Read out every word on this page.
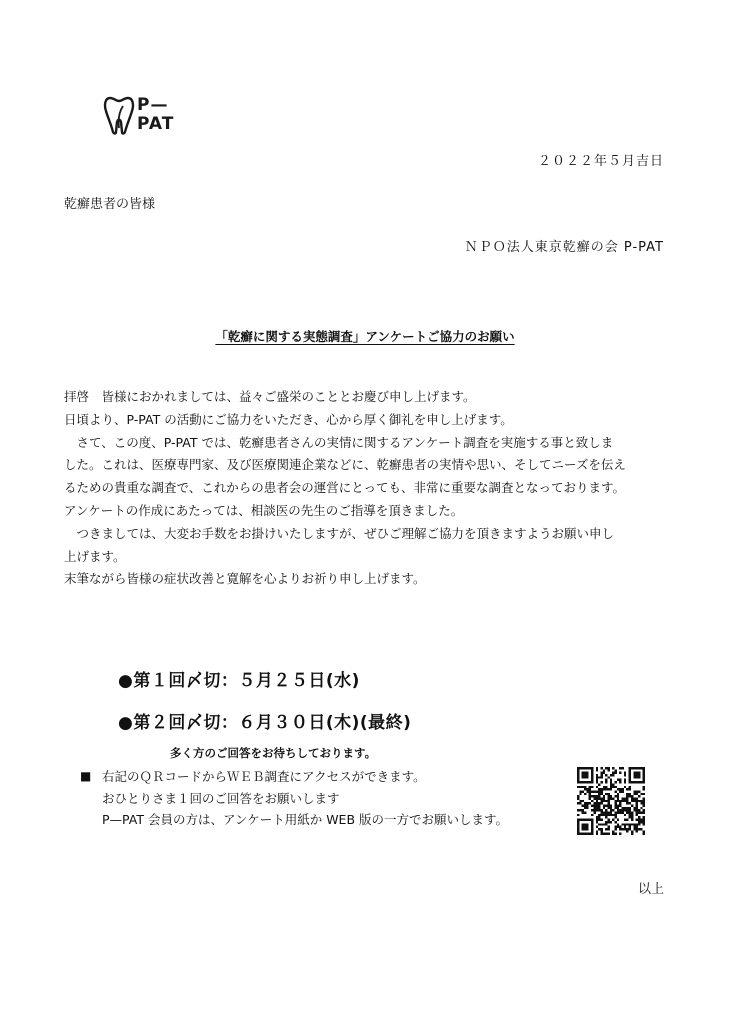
P—
PAT
２０２２年５月吉日
乾癬患者の皆様
ＮＰＯ法人東京乾癬の会 P-PAT
「乾癬に関する実態調査」アンケートご協力のお願い

拝啓　皆様におかれましては、益々ご盛栄のこととお慶び申し上げます。

日頃より、P-PAT の活動にご協力をいただき、心から厚く御礼を申し上げます。

　さて、この度、P-PAT では、乾癬患者さんの実情に関するアンケート調査を実施する事と致しま

した。これは、医療専門家、及び医療関連企業などに、乾癬患者の実情や思い、そしてニーズを伝え

るための貴重な調査で、これからの患者会の運営にとっても、非常に重要な調査となっております。

アンケートの作成にあたっては、相談医の先生のご指導を頂きました。

　つきましては、大変お手数をお掛けいたしますが、ぜひご理解ご協力を頂きますようお願い申し

上げます。

末筆ながら皆様の症状改善と寛解を心よりお祈り申し上げます。

●第１回〆切：５月２５日(水)
●第２回〆切：６月３０日(木)(最終)
多く方のご回答をお待ちしております。
■ 右記のＱＲコードからＷＥＢ調査にアクセスができます。
おひとりさま１回のご回答をお願いします
P—PAT 会員の方は、アンケート用紙か WEB 版の一方でお願いします。
以上
